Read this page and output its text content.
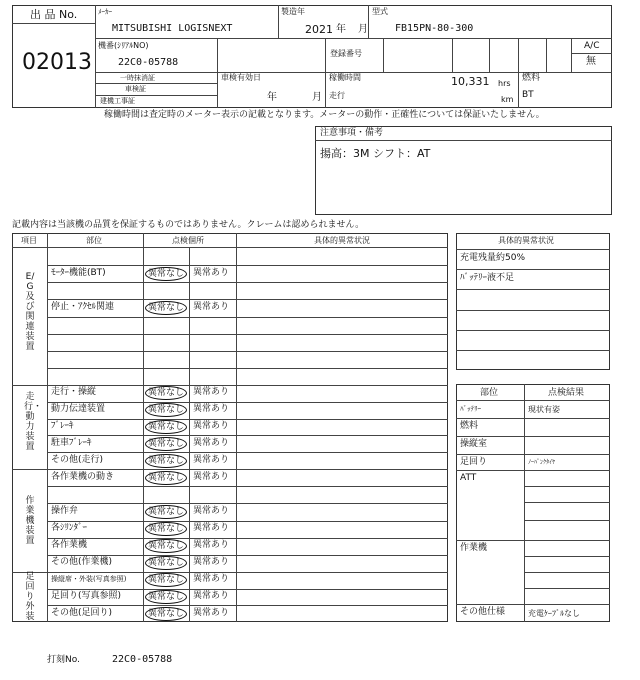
出 品 No.
02013
ﾒｰｶｰ
MITSUBISHI LOGISNEXT
製造年
2021 年 月
型式
FB15PN-80-300
機番(ｼﾘｱﾙNO)
22C0-05788
登録番号
A/C
無
一時抹消証
車検証
建機工事証
車検有効日
年	月
稼働時間	10,331 hrs
走行	km
燃料
BT
稼働時間は査定時のメーター表示の記載となります。メーターの動作・正確性については保証いたしません。
注意事項・備考
揚高：3M シフト：AT
記載内容は当該機の品質を保証するものではありません。クレームは認められません。
項目	部位	点検個所	具体的異常状況
E/G及び関連装置
ﾓｰﾀｰ機能(BT)	異常なし	異常あり
停止・ｱｸｾﾙ関連	異常なし	異常あり
走行・動力装置
走行・操縦	異常なし	異常あり
動力伝達装置	異常なし	異常あり
ﾌﾞﾚｰｷ	異常なし	異常あり
駐車ﾌﾞﾚｰｷ	異常なし	異常あり
その他(走行)	異常なし	異常あり
作業機装置
各作業機の動き	異常なし	異常あり
操作弁	異常なし	異常あり
各ｼﾘﾝﾀﾞｰ	異常なし	異常あり
各作業機	異常なし	異常あり
その他(作業機)	異常なし	異常あり
足回り外装
操縦席・外装(写真参照)	異常なし	異常あり
足回り(写真参照)	異常なし	異常あり
その他(足回り)	異常なし	異常あり
具体的異常状況
充電残量約50%
ﾊﾞｯﾃﾘｰ液不足
部位	点検結果
ﾊﾞｯﾃﾘｰ	現状有姿
燃料
操縦室
足回り	ﾉｰﾊﾟﾝｸﾀｲﾔ
ATT
作業機
その他仕様	充電ｹｰﾌﾞﾙなし
打刻No.	22C0-05788
